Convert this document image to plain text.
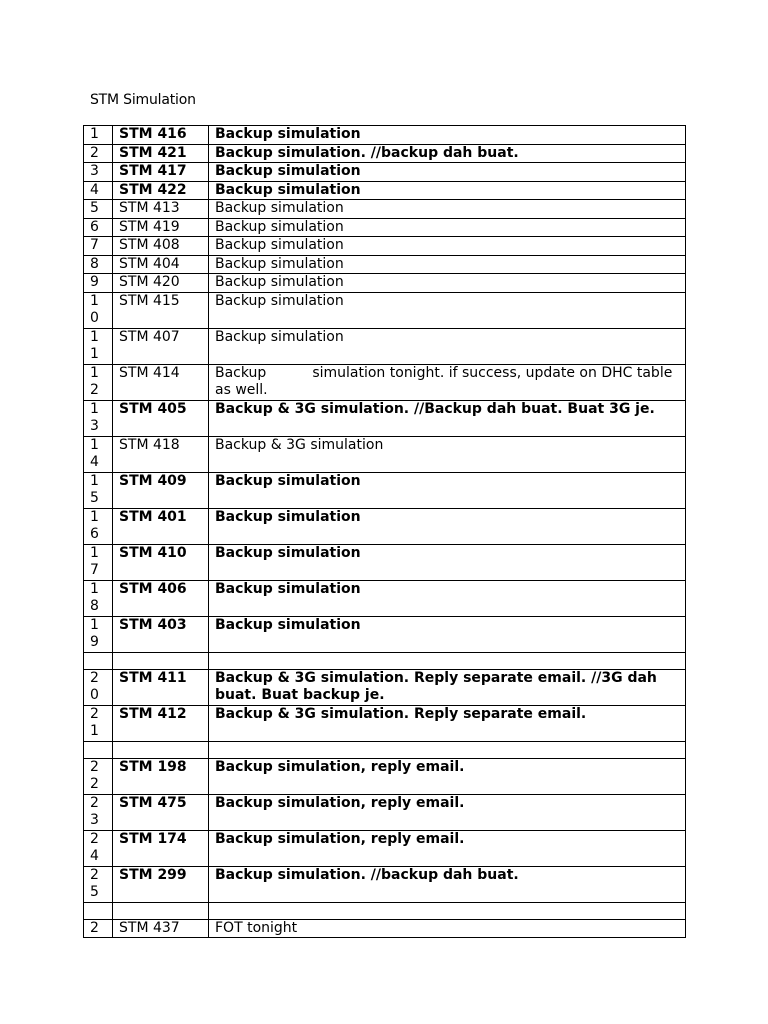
STM Simulation
1	STM 416	Backup simulation
2	STM 421	Backup simulation. //backup dah buat.
3	STM 417	Backup simulation
4	STM 422	Backup simulation
5	STM 413	Backup simulation
6	STM 419	Backup simulation
7	STM 408	Backup simulation
8	STM 404	Backup simulation
9	STM 420	Backup simulation
10	STM 415	Backup simulation
11	STM 407	Backup simulation
12	STM 414	Backup simulation tonight. if success, update on DHC table as well.
13	STM 405	Backup & 3G simulation. //Backup dah buat. Buat 3G je.
14	STM 418	Backup & 3G simulation
15	STM 409	Backup simulation
16	STM 401	Backup simulation
17	STM 410	Backup simulation
18	STM 406	Backup simulation
19	STM 403	Backup simulation

20	STM 411	Backup & 3G simulation. Reply separate email. //3G dah buat. Buat backup je.
21	STM 412	Backup & 3G simulation. Reply separate email.

22	STM 198	Backup simulation, reply email.
23	STM 475	Backup simulation, reply email.
24	STM 174	Backup simulation, reply email.
25	STM 299	Backup simulation. //backup dah buat.

2	STM 437	FOT tonight
